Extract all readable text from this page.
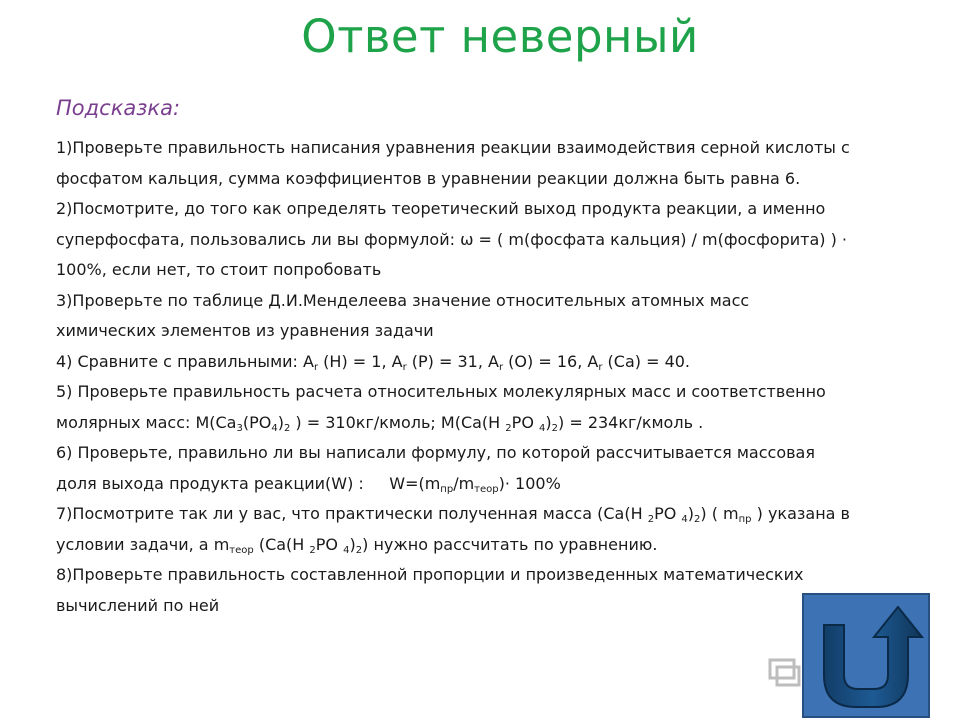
Ответ неверный
Подсказка:
1)Проверьте правильность написания уравнения реакции взаимодействия серной кислоты с
фосфатом кальция, сумма коэффициентов в уравнении реакции должна быть равна 6.
2)Посмотрите, до того как определять теоретический выход продукта реакции, а именно
суперфосфата, пользовались ли вы формулой: ω = ( m(фосфата кальция) / m(фосфорита) ) ·
100%, если нет, то стоит попробовать
3)Проверьте по таблице Д.И.Менделеева значение относительных атомных масс
химических элементов из уравнения задачи
4) Сравните с правильными: $A_r$ (H) = 1, $A_r$ (P) = 31, $A_r$ (O) = 16, $A_r$ (Ca) = 40.
5) Проверьте правильность расчета относительных молекулярных масс и соответственно
молярных масс: $M(Ca_3(PO_4)_2$ ) = 310кг/кмоль; M(Ca(H $_2$PO $_4)_2$) = 234кг/кмоль .
6) Проверьте, правильно ли вы написали формулу, по которой рассчитывается массовая
доля выхода продукта реакции(W) :     $W=(m_{пр}/m_{теор})\cdot 100\%$
7)Посмотрите так ли у вас, что практически полученная масса (Ca(H $_2$PO $_4)_2$) ( $m_{пр}$ ) указана в
условии задачи, а $m_{теор}$ (Ca(H $_2$PO $_4)_2$) нужно рассчитать по уравнению.
8)Проверьте правильность составленной пропорции и произведенных математических
вычислений по ней
